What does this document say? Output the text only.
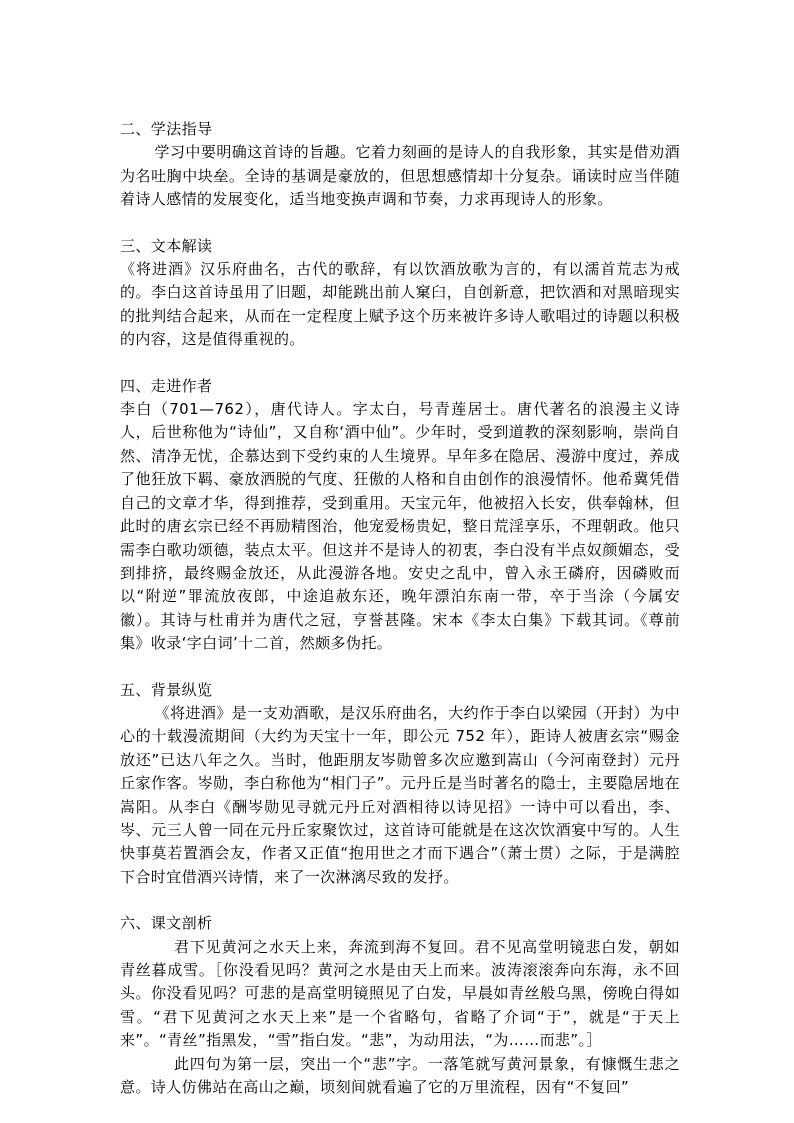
二、学法指导

学习中要明确这首诗的旨趣。它着力刻画的是诗人的自我形象，其实是借劝酒为名吐胸中块垒。全诗的基调是豪放的，但思想感情却十分复杂。诵读时应当伴随着诗人感情的发展变化，适当地变换声调和节奏，力求再现诗人的形象。

三、文本解读

《将进酒》汉乐府曲名，古代的歌辞，有以饮酒放歌为言的，有以濡首荒志为戒的。李白这首诗虽用了旧题，却能跳出前人窠臼，自创新意，把饮酒和对黑暗现实的批判结合起来，从而在一定程度上赋予这个历来被许多诗人歌唱过的诗题以积极的内容，这是值得重视的。

四、走进作者

李白（701—762），唐代诗人。字太白，号青莲居士。唐代著名的浪漫主义诗人，后世称他为“诗仙”，又自称‘酒中仙”。少年时，受到道教的深刻影响，崇尚自然、清净无忧，企慕达到下受约束的人生境界。早年多在隐居、漫游中度过，养成了他狂放下羁、豪放洒脱的气度、狂傲的人格和自由创作的浪漫情怀。他希冀凭借自己的文章才华，得到推荐，受到重用。天宝元年，他被招入长安，供奉翰林，但此时的唐玄宗已经不再励精图治，他宠爱杨贵妃，整日荒淫享乐，不理朝政。他只需李白歌功颂德，装点太平。但这并不是诗人的初衷，李白没有半点奴颜媚态，受到排挤，最终赐金放还，从此漫游各地。安史之乱中，曾入永王磷府，因磷败而以“附逆”罪流放夜郎，中途追赦东还，晚年漂泊东南一带，卒于当涂（今属安徽）。其诗与杜甫并为唐代之冠，亨誉甚隆。宋本《李太白集》下载其词。《尊前集》收录‘字白词’十二首，然颇多伪托。

五、背景纵览

《将进酒》是一支劝酒歌，是汉乐府曲名，大约作于李白以梁园（开封）为中心的十载漫流期间（大约为天宝十一年，即公元 752 年），距诗人被唐玄宗“赐金放还”已达八年之久。当时，他距朋友岑勋曾多次应邀到嵩山（今河南登封）元丹丘家作客。岑勋，李白称他为“相门子”。元丹丘是当时著名的隐士，主要隐居地在嵩阳。从李白《酬岑勋见寻就元丹丘对酒相待以诗见招》一诗中可以看出，李、岑、元三人曾一同在元丹丘家聚饮过，这首诗可能就是在这次饮酒宴中写的。人生快事莫若置酒会友，作者又正值“抱用世之才而下遇合”（萧士贯）之际，于是满腔下合时宜借酒兴诗情，来了一次淋漓尽致的发抒。

六、课文剖析

君下见黄河之水天上来，奔流到海不复回。君不见高堂明镜悲白发，朝如青丝暮成雪。［你没看见吗？黄河之水是由天上而来。波涛滚滚奔向东海，永不回头。你没看见吗？可悲的是高堂明镜照见了白发，早晨如青丝般乌黑，傍晚白得如雪。“君下见黄河之水天上来”是一个省略句，省略了介词“于”，就是“于天上来”。“青丝”指黑发，“雪”指白发。“悲”，为动用法，“为……而悲”。］

此四句为第一层，突出一个“悲”字。一落笔就写黄河景象，有慷慨生悲之意。诗人仿佛站在高山之巅，顷刻间就看遍了它的万里流程，因有“不复回”
